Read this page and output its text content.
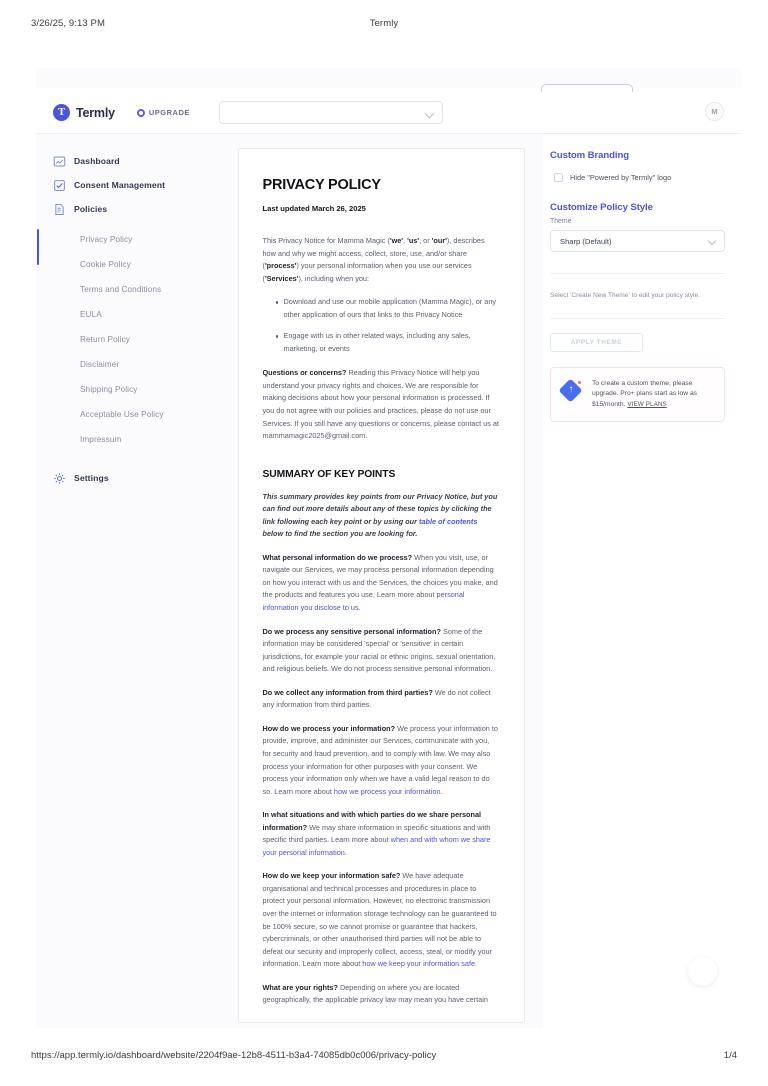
3/26/25, 9:13 PM	Termly
T Termly	UPGRADE	M
Dashboard
Consent Management
Policies
Privacy Policy
Cookie Policy
Terms and Conditions
EULA
Return Policy
Disclaimer
Shipping Policy
Acceptable Use Policy
Impressum
Settings
PRIVACY POLICY
Last updated March 26, 2025

This Privacy Notice for Mamma Magic ('we', 'us', or 'our'), describes how and why we might access, collect, store, use, and/or share ('process') your personal information when you use our services ('Services'), including when you:

Download and use our mobile application (Mamma Magic), or any other application of ours that links to this Privacy Notice
Engage with us in other related ways, including any sales, marketing, or events

Questions or concerns? Reading this Privacy Notice will help you understand your privacy rights and choices. We are responsible for making decisions about how your personal information is processed. If you do not agree with our policies and practices, please do not use our Services. If you still have any questions or concerns, please contact us at mammamagic2025@gmail.com.

SUMMARY OF KEY POINTS

This summary provides key points from our Privacy Notice, but you can find out more details about any of these topics by clicking the link following each key point or by using our table of contents below to find the section you are looking for.

What personal information do we process? When you visit, use, or navigate our Services, we may process personal information depending on how you interact with us and the Services, the choices you make, and the products and features you use. Learn more about personal information you disclose to us.

Do we process any sensitive personal information? Some of the information may be considered 'special' or 'sensitive' in certain jurisdictions, for example your racial or ethnic origins, sexual orientation, and religious beliefs. We do not process sensitive personal information.

Do we collect any information from third parties? We do not collect any information from third parties.

How do we process your information? We process your information to provide, improve, and administer our Services, communicate with you, for security and fraud prevention, and to comply with law. We may also process your information for other purposes with your consent. We process your information only when we have a valid legal reason to do so. Learn more about how we process your information.

In what situations and with which parties do we share personal information? We may share information in specific situations and with specific third parties. Learn more about when and with whom we share your personal information.

How do we keep your information safe? We have adequate organisational and technical processes and procedures in place to protect your personal information. However, no electronic transmission over the internet or information storage technology can be guaranteed to be 100% secure, so we cannot promise or guarantee that hackers, cybercriminals, or other unauthorised third parties will not be able to defeat our security and improperly collect, access, steal, or modify your information. Learn more about how we keep your information safe.

What are your rights? Depending on where you are located geographically, the applicable privacy law may mean you have certain

Custom Branding
Hide "Powered by Termly" logo
Customize Policy Style
Theme
Sharp (Default)
Select 'Create New Theme' to edit your policy style.
APPLY THEME
↑
To create a custom theme, please upgrade. Pro+ plans start as low as $15/month. VIEW PLANS
https://app.termly.io/dashboard/website/2204f9ae-12b8-4511-b3a4-74085db0c006/privacy-policy	1/4
